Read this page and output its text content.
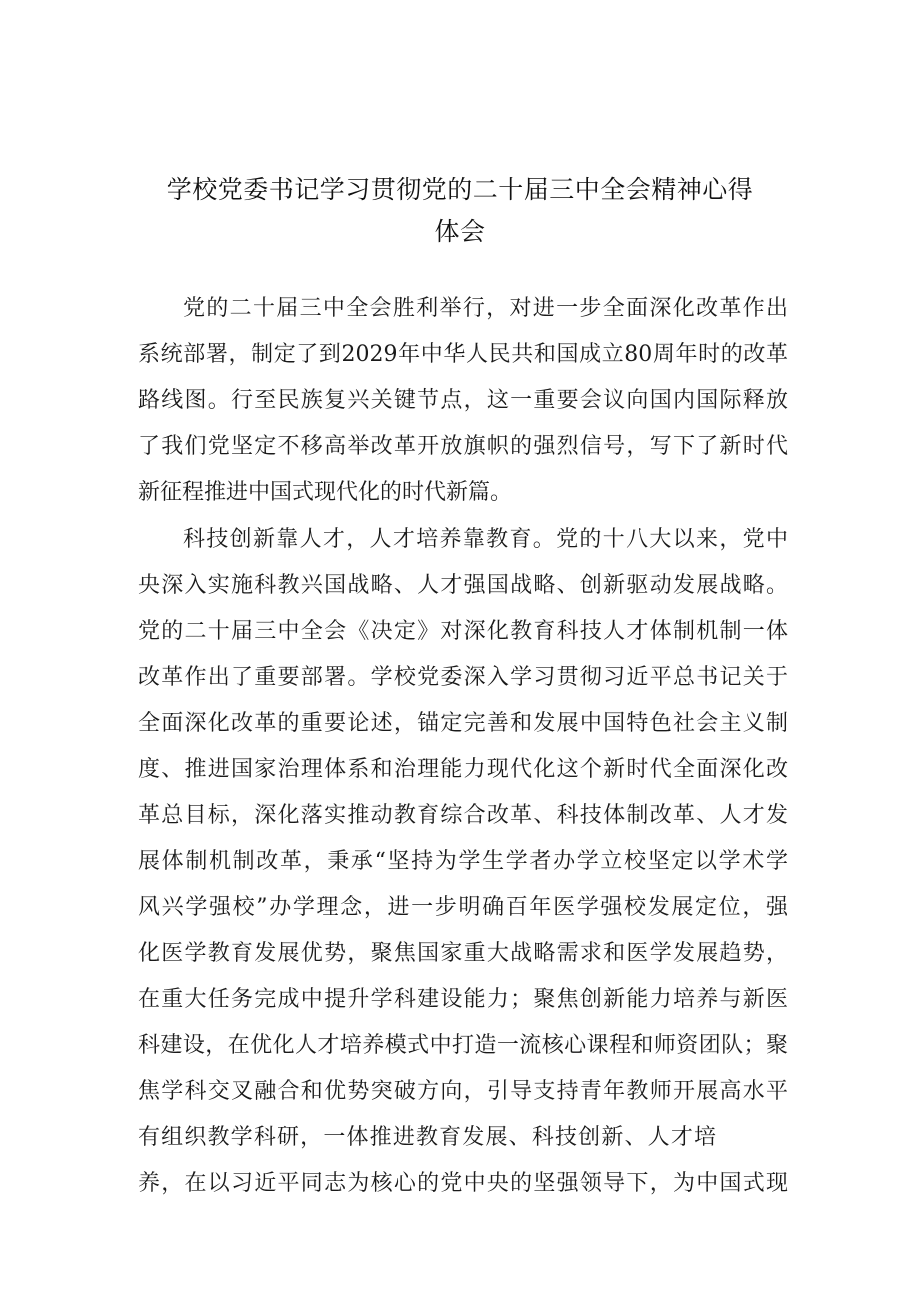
学校党委书记学习贯彻党的二十届三中全会精神心得
体会
党的二十届三中全会胜利举行，对进一步全面深化改革作出
系统部署，制定了到2029年中华人民共和国成立80周年时的改革
路线图。行至民族复兴关键节点，这一重要会议向国内国际释放
了我们党坚定不移高举改革开放旗帜的强烈信号，写下了新时代
新征程推进中国式现代化的时代新篇。
科技创新靠人才，人才培养靠教育。党的十八大以来，党中
央深入实施科教兴国战略、人才强国战略、创新驱动发展战略。
党的二十届三中全会《决定》对深化教育科技人才体制机制一体
改革作出了重要部署。学校党委深入学习贯彻习近平总书记关于
全面深化改革的重要论述，锚定完善和发展中国特色社会主义制
度、推进国家治理体系和治理能力现代化这个新时代全面深化改
革总目标，深化落实推动教育综合改革、科技体制改革、人才发
展体制机制改革，秉承“坚持为学生学者办学立校坚定以学术学
风兴学强校”办学理念，进一步明确百年医学强校发展定位，强
化医学教育发展优势，聚焦国家重大战略需求和医学发展趋势，
在重大任务完成中提升学科建设能力；聚焦创新能力培养与新医
科建设，在优化人才培养模式中打造一流核心课程和师资团队；聚
焦学科交叉融合和优势突破方向，引导支持青年教师开展高水平
有组织教学科研，一体推进教育发展、科技创新、人才培
养，在以习近平同志为核心的党中央的坚强领导下，为中国式现
